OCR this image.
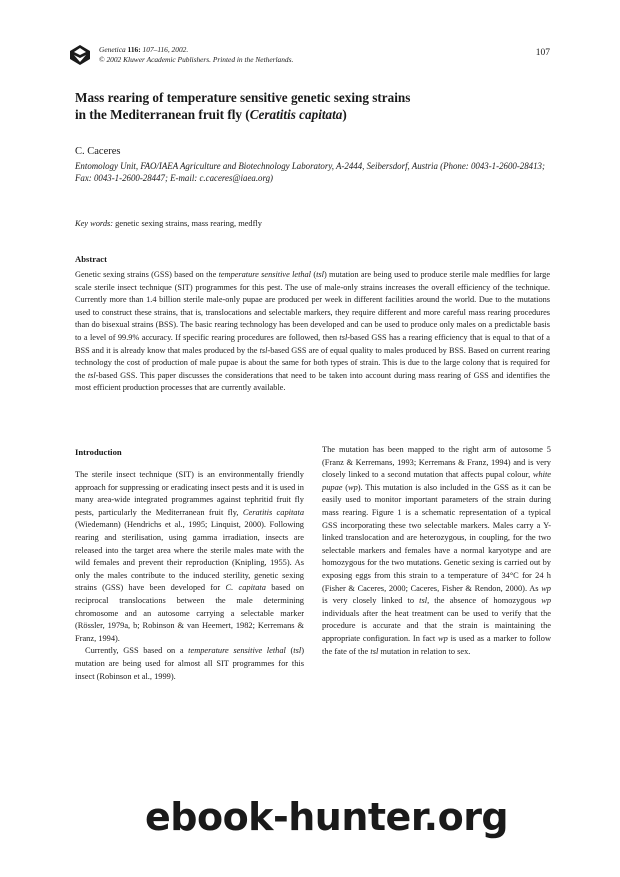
Genetica 116: 107–116, 2002.
© 2002 Kluwer Academic Publishers. Printed in the Netherlands.
107
Mass rearing of temperature sensitive genetic sexing strains
in the Mediterranean fruit fly (Ceratitis capitata)
C. Caceres
Entomology Unit, FAO/IAEA Agriculture and Biotechnology Laboratory, A-2444, Seibersdorf, Austria (Phone: 0043-1-2600-28413; Fax: 0043-1-2600-28447; E-mail: c.caceres@iaea.org)
Key words: genetic sexing strains, mass rearing, medfly
Abstract

Genetic sexing strains (GSS) based on the temperature sensitive lethal (tsl) mutation are being used to produce sterile male medflies for large scale sterile insect technique (SIT) programmes for this pest. The use of male-only strains increases the overall efficiency of the technique. Currently more than 1.4 billion sterile male-only pupae are produced per week in different facilities around the world. Due to the mutations used to construct these strains, that is, translocations and selectable markers, they require different and more careful mass rearing procedures than do bisexual strains (BSS). The basic rearing technology has been developed and can be used to produce only males on a predictable basis to a level of 99.9% accuracy. If specific rearing procedures are followed, then tsl-based GSS has a rearing efficiency that is equal to that of a BSS and it is already know that males produced by the tsl-based GSS are of equal quality to males produced by BSS. Based on current rearing technology the cost of production of male pupae is about the same for both types of strain. This is due to the large colony that is required for the tsl-based GSS. This paper discusses the considerations that need to be taken into account during mass rearing of GSS and identifies the most efficient production processes that are currently available.

Introduction

The sterile insect technique (SIT) is an environmentally friendly approach for suppressing or eradicating insect pests and it is used in many area-wide integrated programmes against tephritid fruit fly pests, particularly the Mediterranean fruit fly, Ceratitis capitata (Wiedemann) (Hendrichs et al., 1995; Linquist, 2000). Following rearing and sterilisation, using gamma irradiation, insects are released into the target area where the sterile males mate with the wild females and prevent their reproduction (Knipling, 1955). As only the males contribute to the induced sterility, genetic sexing strains (GSS) have been developed for C. capitata based on reciprocal translocations between the male determining chromosome and an autosome carrying a selectable marker (Rössler, 1979a, b; Robinson & van Heemert, 1982; Kerremans & Franz, 1994).

Currently, GSS based on a temperature sensitive lethal (tsl) mutation are being used for almost all SIT programmes for this insect (Robinson et al., 1999).

The mutation has been mapped to the right arm of autosome 5 (Franz & Kerremans, 1993; Kerremans & Franz, 1994) and is very closely linked to a second mutation that affects pupal colour, white pupae (wp). This mutation is also included in the GSS as it can be easily used to monitor important parameters of the strain during mass rearing. Figure 1 is a schematic representation of a typical GSS incorporating these two selectable markers. Males carry a Y-linked translocation and are heterozygous, in coupling, for the two selectable markers and females have a normal karyotype and are homozygous for the two mutations. Genetic sexing is carried out by exposing eggs from this strain to a temperature of 34°C for 24 h (Fisher & Caceres, 2000; Caceres, Fisher & Rendon, 2000). As wp is very closely linked to tsl, the absence of homozygous wp individuals after the heat treatment can be used to verify that the procedure is accurate and that the strain is maintaining the appropriate configuration. In fact wp is used as a marker to follow the fate of the tsl mutation in relation to sex.

ebook-hunter.org
